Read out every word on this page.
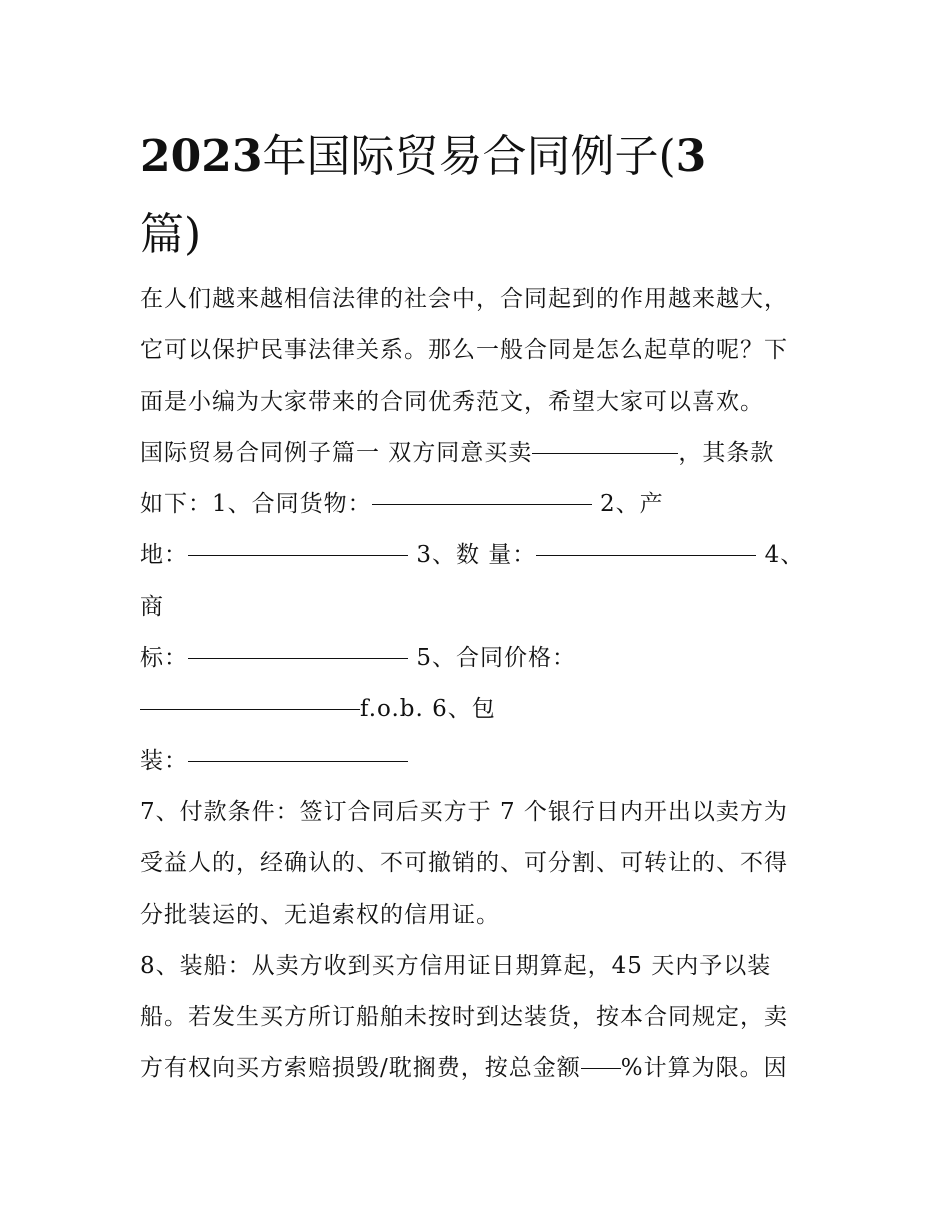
2023年国际贸易合同例子(3
篇)
在人们越来越相信法律的社会中，合同起到的作用越来越大，
它可以保护民事法律关系。那么一般合同是怎么起草的呢？下
面是小编为大家带来的合同优秀范文，希望大家可以喜欢。
国际贸易合同例子篇一 双方同意买卖	，其条款
如下：1、合同货物：	2、产
地：	3、数 量：	4、
商
标：	5、合同价格：
f.o.b. 6、包
装：
7、付款条件：签订合同后买方于 7 个银行日内开出以卖方为
受益人的，经确认的、不可撤销的、可分割、可转让的、不得
分批装运的、无追索权的信用证。
8、装船：从卖方收到买方信用证日期算起，45 天内予以装
船。若发生买方所订船舶未按时到达装货，按本合同规定，卖
方有权向买方索赔损毁/耽搁费，按总金额 %计算为限。因
